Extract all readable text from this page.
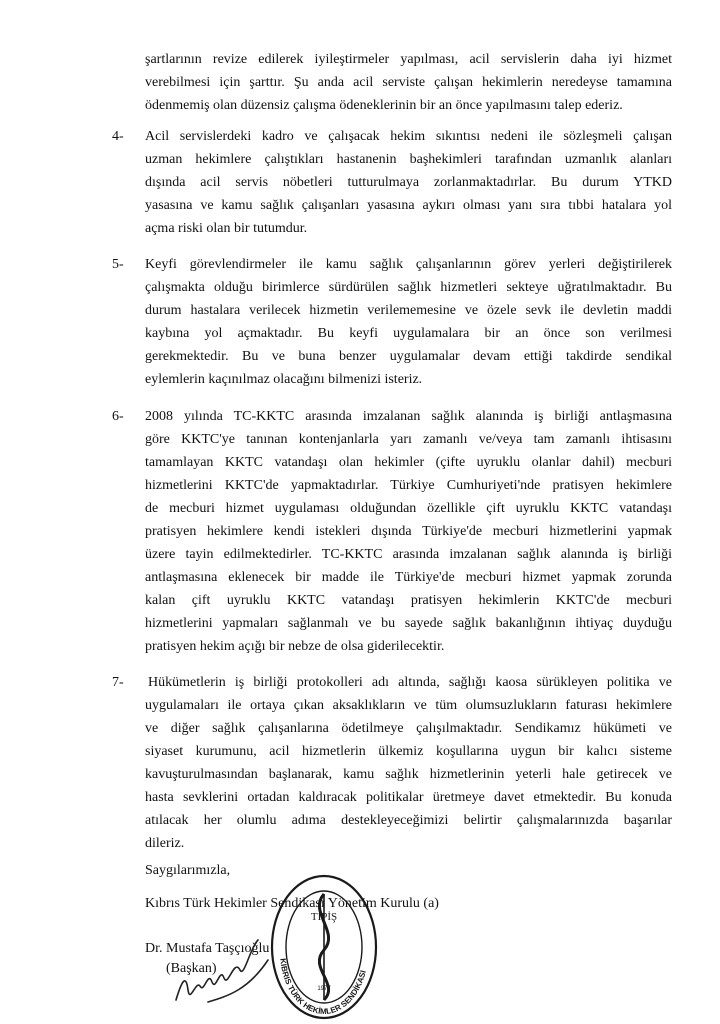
şartlarının revize edilerek iyileştirmeler yapılması, acil servislerin daha iyi hizmet
verebilmesi için şarttır. Şu anda acil serviste çalışan hekimlerin neredeyse tamamına
ödenmemiş olan düzensiz çalışma ödeneklerinin bir an önce yapılmasını talep ederiz.
4- Acil servislerdeki kadro ve çalışacak hekim sıkıntısı nedeni ile sözleşmeli çalışan
uzman hekimlere çalıştıkları hastanenin başhekimleri tarafından uzmanlık alanları
dışında acil servis nöbetleri tutturulmaya zorlanmaktadırlar. Bu durum YTKD
yasasına ve kamu sağlık çalışanları yasasına aykırı olması yanı sıra tıbbi hatalara yol
açma riski olan bir tutumdur.
5- Keyfi görevlendirmeler ile kamu sağlık çalışanlarının görev yerleri değiştirilerek
çalışmakta olduğu birimlerce sürdürülen sağlık hizmetleri sekteye uğratılmaktadır. Bu
durum hastalara verilecek hizmetin verilememesine ve özele sevk ile devletin maddi
kaybına yol açmaktadır. Bu keyfi uygulamalara bir an önce son verilmesi
gerekmektedir. Bu ve buna benzer uygulamalar devam ettiği takdirde sendikal
eylemlerin kaçınılmaz olacağını bilmenizi isteriz.
6- 2008 yılında TC-KKTC arasında imzalanan sağlık alanında iş birliği antlaşmasına
göre KKTC'ye tanınan kontenjanlarla yarı zamanlı ve/veya tam zamanlı ihtisasını
tamamlayan KKTC vatandaşı olan hekimler (çifte uyruklu olanlar dahil) mecburi
hizmetlerini KKTC'de yapmaktadırlar. Türkiye Cumhuriyeti'nde pratisyen hekimlere
de mecburi hizmet uygulaması olduğundan özellikle çift uyruklu KKTC vatandaşı
pratisyen hekimlere kendi istekleri dışında Türkiye'de mecburi hizmetlerini yapmak
üzere tayin edilmektedirler. TC-KKTC arasında imzalanan sağlık alanında iş birliği
antlaşmasına eklenecek bir madde ile Türkiye'de mecburi hizmet yapmak zorunda
kalan çift uyruklu KKTC vatandaşı pratisyen hekimlerin KKTC'de mecburi
hizmetlerini yapmaları sağlanmalı ve bu sayede sağlık bakanlığının ihtiyaç duyduğu
pratisyen hekim açığı bir nebze de olsa giderilecektir.
7- Hükümetlerin iş birliği protokolleri adı altında, sağlığı kaosa sürükleyen politika ve
uygulamaları ile ortaya çıkan aksaklıkların ve tüm olumsuzlukların faturası hekimlere
ve diğer sağlık çalışanlarına ödetilmeye çalışılmaktadır. Sendikamız hükümeti ve
siyaset kurumunu, acil hizmetlerin ülkemiz koşullarına uygun bir kalıcı sisteme
kavuşturulmasından başlanarak, kamu sağlık hizmetlerinin yeterli hale getirecek ve
hasta sevklerini ortadan kaldıracak politikalar üretmeye davet etmektedir. Bu konuda
atılacak her olumlu adıma destekleyeceğimizi belirtir çalışmalarınızda başarılar
dileriz.
Saygılarımızla,
Kıbrıs Türk Hekimler Sendikası Yönetim Kurulu (a)
Dr. Mustafa Taşçıoğlu
(Başkan)
TIPİŞ
KIBRIS TÜRK HEKİMLER SENDİKASI
1977
